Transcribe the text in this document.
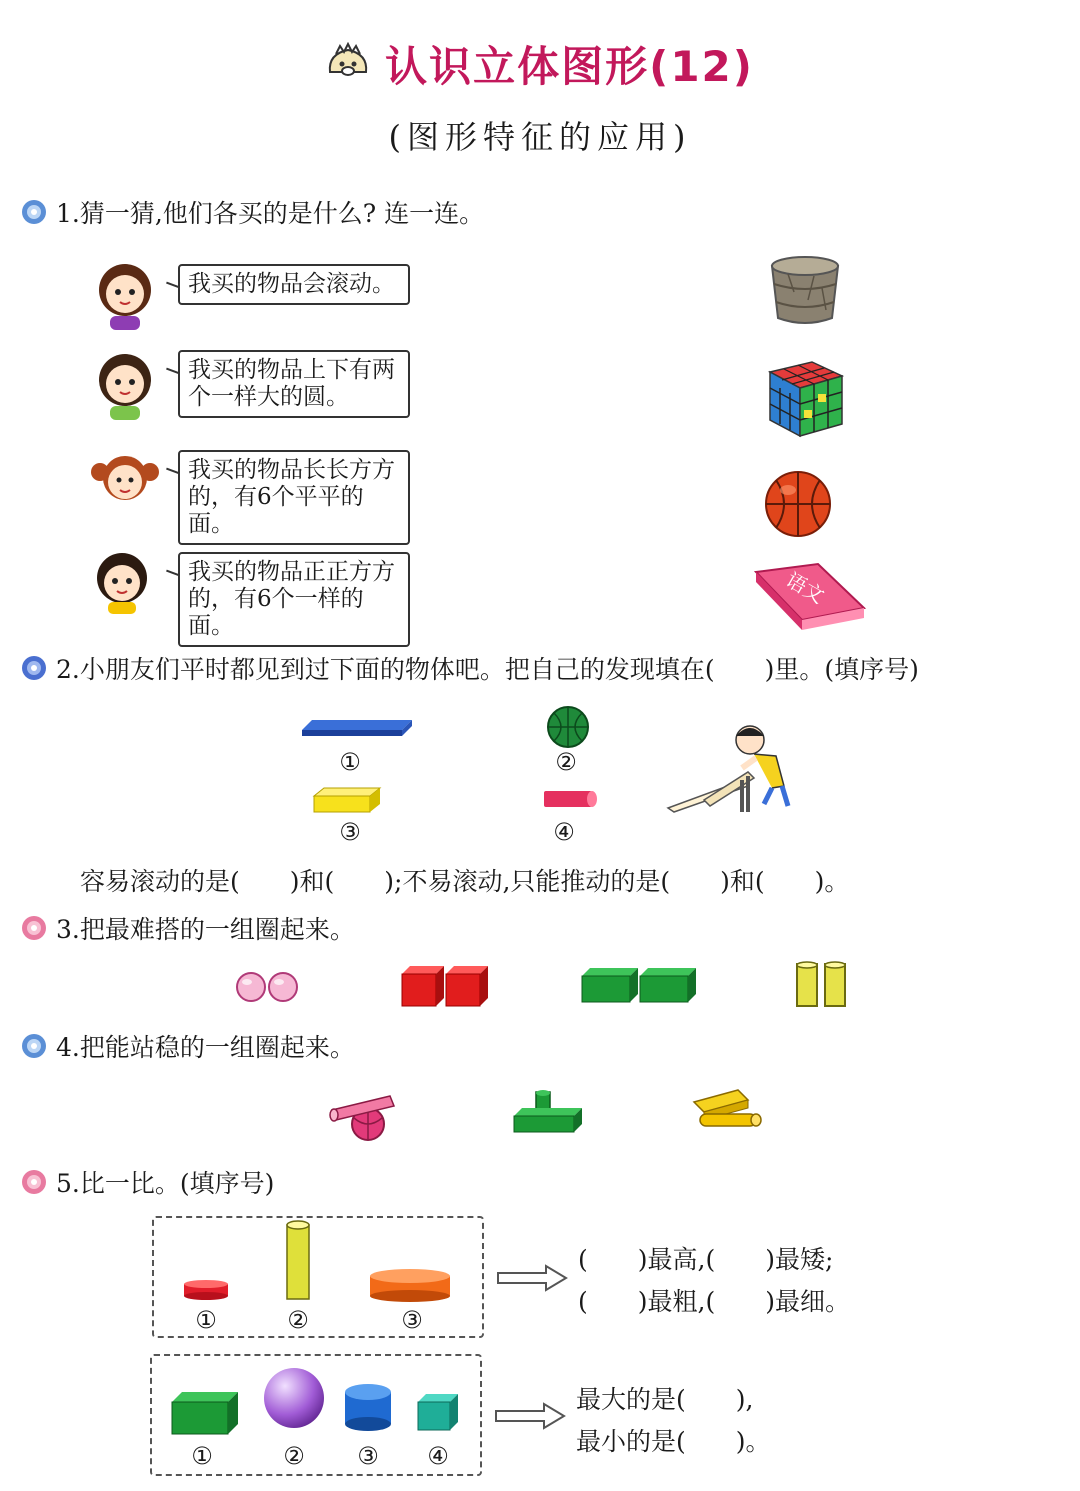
认识立体图形(12)
(图形特征的应用)
1.猜一猜,他们各买的是什么? 连一连。
我买的物品会滚动。
我买的物品上下有两个一样大的圆。
我买的物品长长方方的，有6个平平的面。
我买的物品正正方方的，有6个一样的面。
语文
2.小朋友们平时都见到过下面的物体吧。把自己的发现填在(　　)里。(填序号)
①	②
③	④
容易滚动的是(　　)和(　　);不易滚动,只能推动的是(　　)和(　　)。
3.把最难搭的一组圈起来。
4.把能站稳的一组圈起来。
5.比一比。(填序号)
①	②	③
(　　)最高,(　　)最矮;
(　　)最粗,(　　)最细。
①	②	③	④
最大的是(　　),
最小的是(　　)。
